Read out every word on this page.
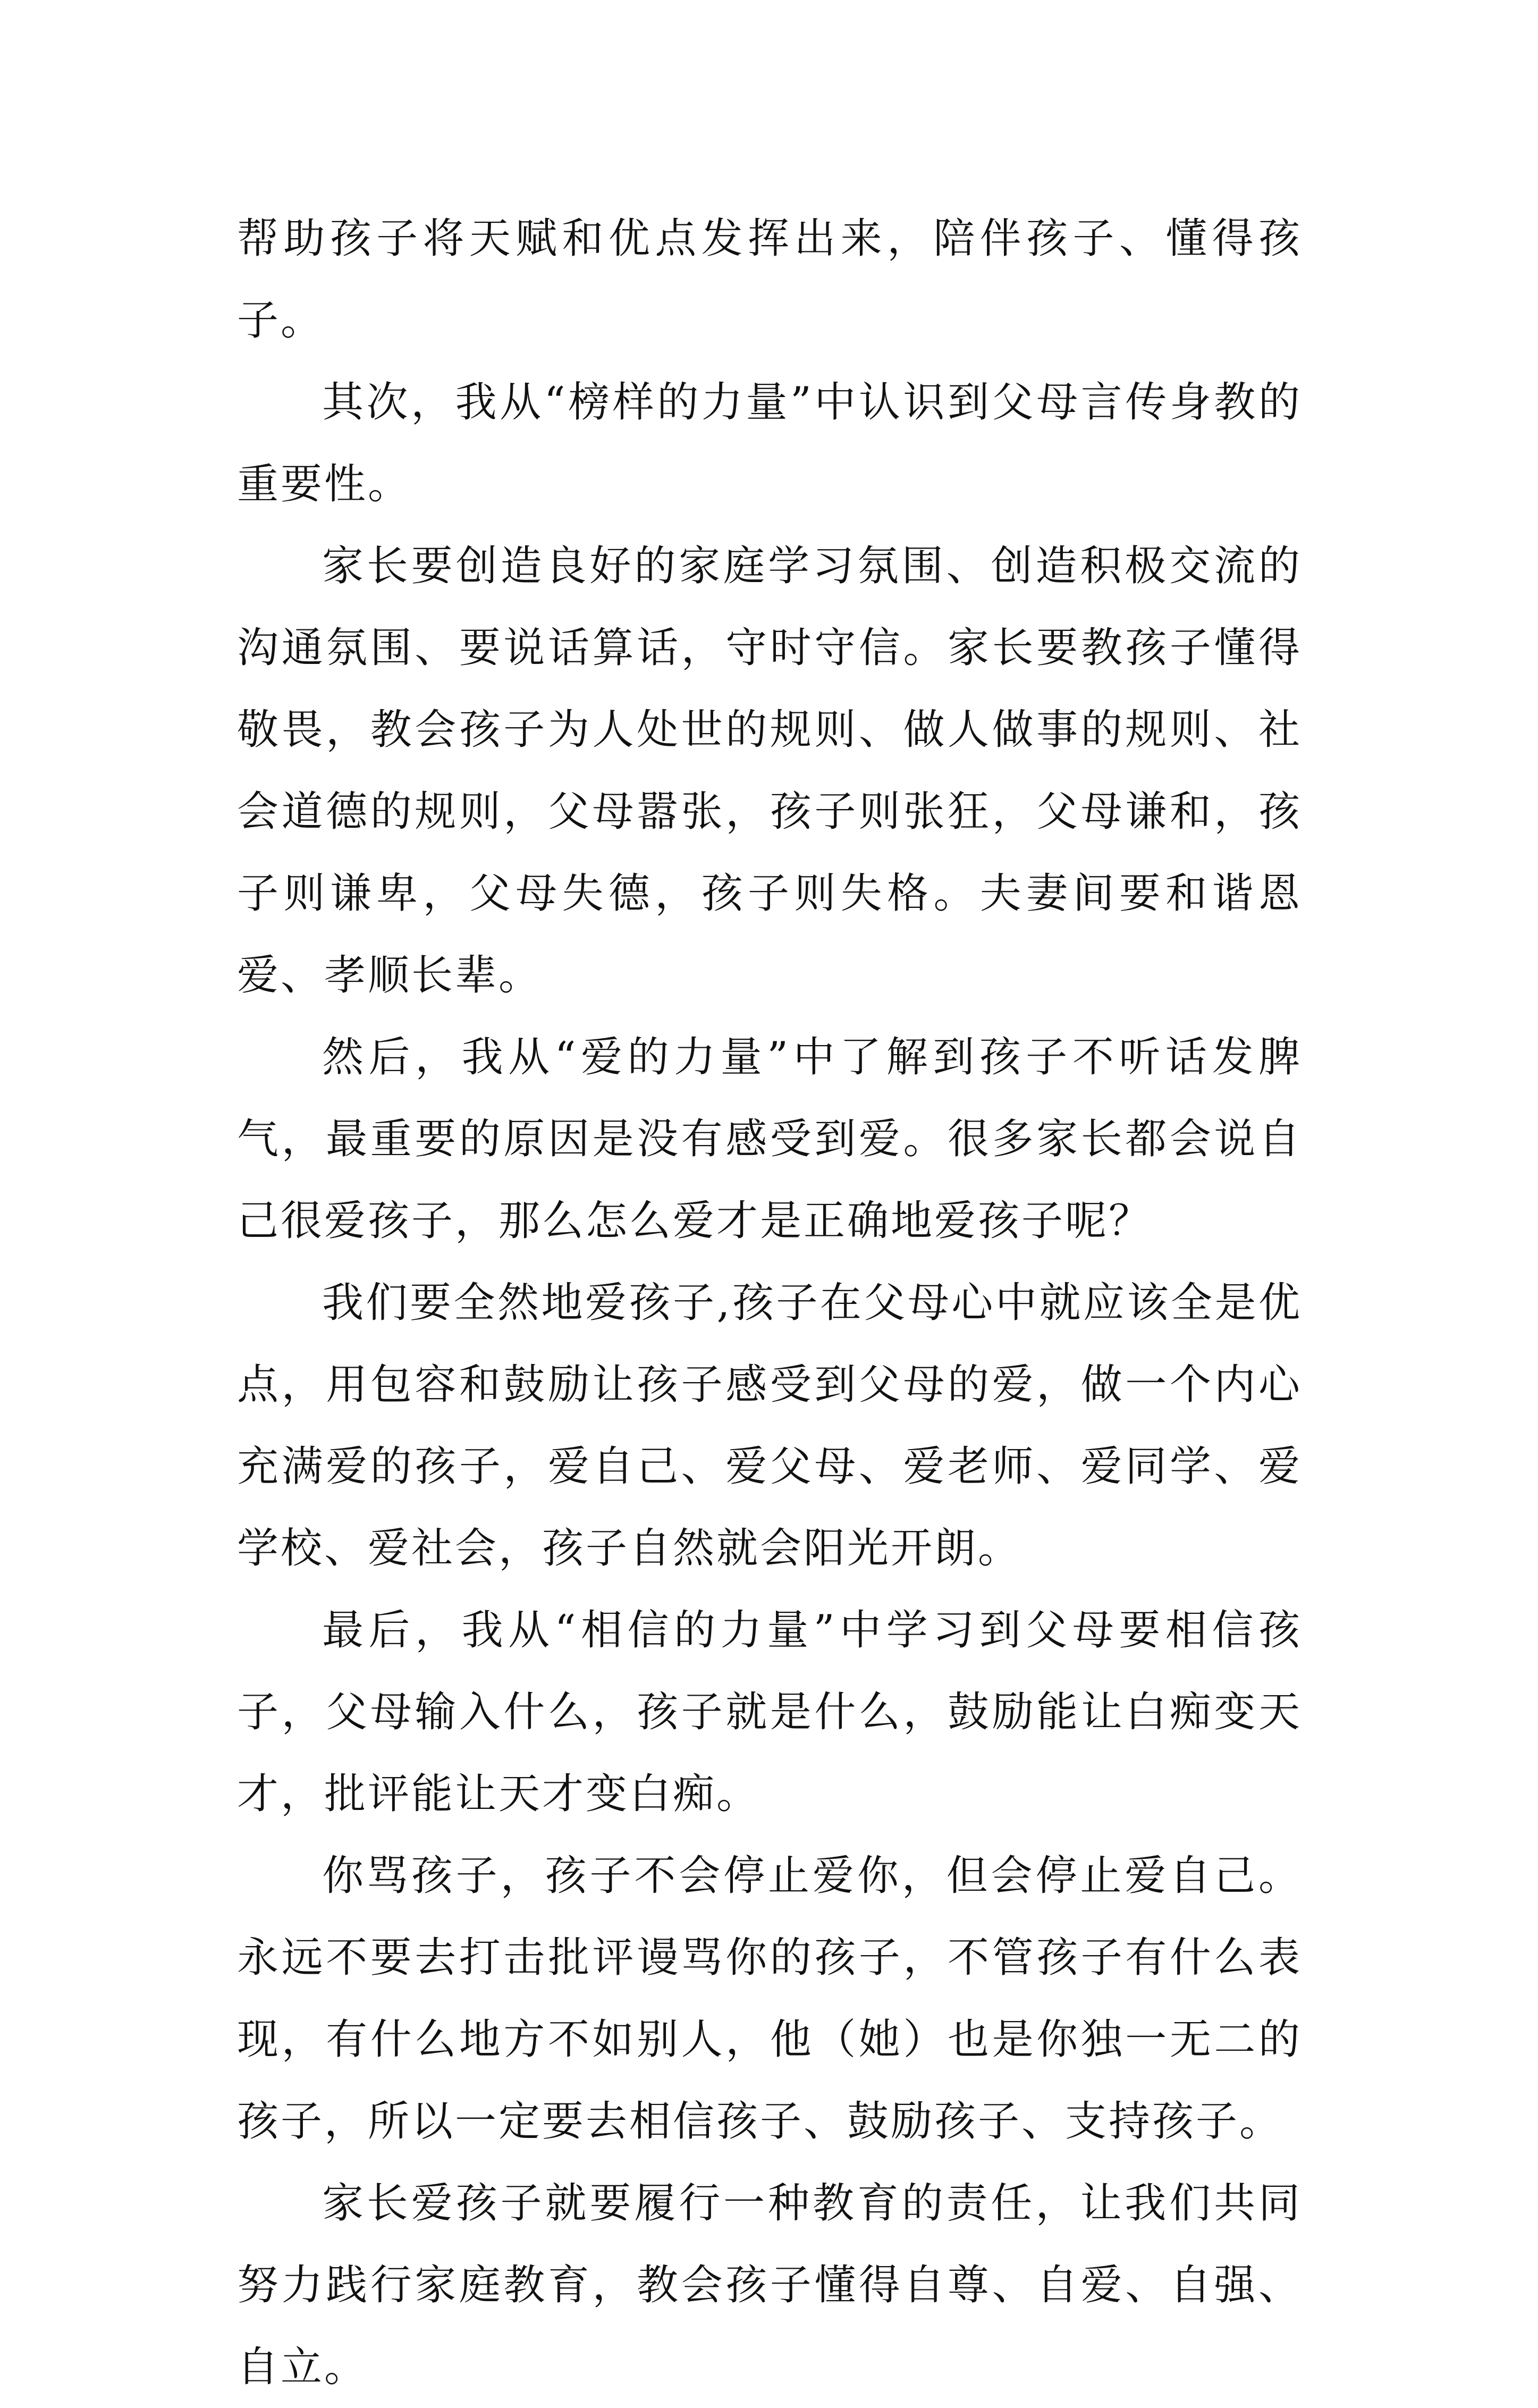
帮助孩子将天赋和优点发挥出来，陪伴孩子、懂得孩子。

其次，我从“榜样的力量”中认识到父母言传身教的重要性。

家长要创造良好的家庭学习氛围、创造积极交流的沟通氛围、要说话算话，守时守信。家长要教孩子懂得敬畏，教会孩子为人处世的规则、做人做事的规则、社会道德的规则，父母嚣张，孩子则张狂，父母谦和，孩子则谦卑，父母失德，孩子则失格。夫妻间要和谐恩爱、孝顺长辈。

然后，我从“爱的力量”中了解到孩子不听话发脾气，最重要的原因是没有感受到爱。很多家长都会说自己很爱孩子，那么怎么爱才是正确地爱孩子呢？

我们要全然地爱孩子,孩子在父母心中就应该全是优点，用包容和鼓励让孩子感受到父母的爱，做一个内心充满爱的孩子，爱自己、爱父母、爱老师、爱同学、爱学校、爱社会，孩子自然就会阳光开朗。

最后，我从“相信的力量”中学习到父母要相信孩子，父母输入什么，孩子就是什么，鼓励能让白痴变天才，批评能让天才变白痴。

你骂孩子，孩子不会停止爱你，但会停止爱自己。永远不要去打击批评谩骂你的孩子，不管孩子有什么表现，有什么地方不如别人，他（她）也是你独一无二的孩子，所以一定要去相信孩子、鼓励孩子、支持孩子。

家长爱孩子就要履行一种教育的责任，让我们共同努力践行家庭教育，教会孩子懂得自尊、自爱、自强、自立。
